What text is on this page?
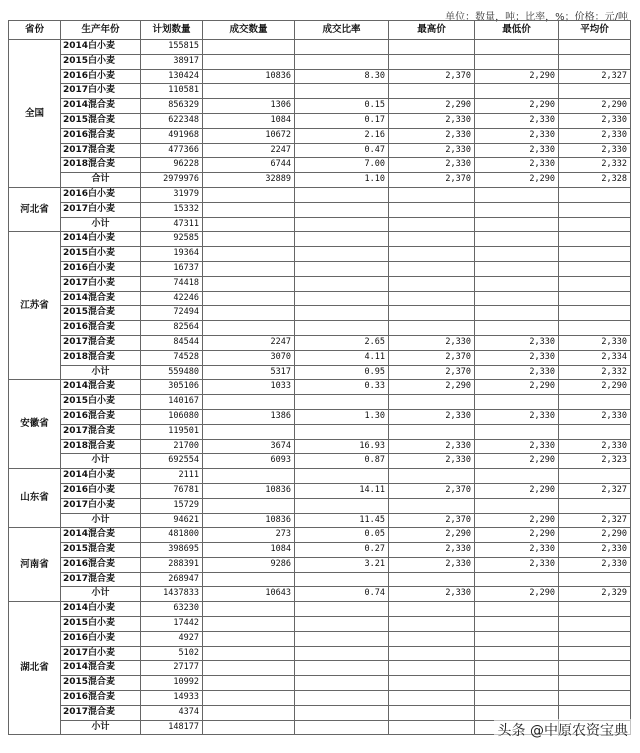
单位：数量，吨；比率，%；价格：元/吨
省份	生产年份	计划数量	成交数量	成交比率	最高价	最低价	平均价
全国	2014白小麦	155815					
	2015白小麦	38917					
	2016白小麦	130424	10836	8.30	2,370	2,290	2,327
	2017白小麦	110581					
	2014混合麦	856329	1306	0.15	2,290	2,290	2,290
	2015混合麦	622348	1084	0.17	2,330	2,330	2,330
	2016混合麦	491968	10672	2.16	2,330	2,330	2,330
	2017混合麦	477366	2247	0.47	2,330	2,330	2,330
	2018混合麦	96228	6744	7.00	2,330	2,330	2,332
	合计	2979976	32889	1.10	2,370	2,290	2,328
河北省	2016白小麦	31979					
	2017白小麦	15332					
	小计	47311					
江苏省	2014白小麦	92585					
	2015白小麦	19364					
	2016白小麦	16737					
	2017白小麦	74418					
	2014混合麦	42246					
	2015混合麦	72494					
	2016混合麦	82564					
	2017混合麦	84544	2247	2.65	2,330	2,330	2,330
	2018混合麦	74528	3070	4.11	2,370	2,330	2,334
	小计	559480	5317	0.95	2,370	2,330	2,332
安徽省	2014混合麦	305106	1033	0.33	2,290	2,290	2,290
	2015白小麦	140167					
	2016混合麦	106080	1386	1.30	2,330	2,330	2,330
	2017混合麦	119501					
	2018混合麦	21700	3674	16.93	2,330	2,330	2,330
	小计	692554	6093	0.87	2,330	2,290	2,323
山东省	2014白小麦	2111					
	2016白小麦	76781	10836	14.11	2,370	2,290	2,327
	2017白小麦	15729					
	小计	94621	10836	11.45	2,370	2,290	2,327
河南省	2014混合麦	481800	273	0.05	2,290	2,290	2,290
	2015混合麦	398695	1084	0.27	2,330	2,330	2,330
	2016混合麦	288391	9286	3.21	2,330	2,330	2,330
	2017混合麦	268947					
	小计	1437833	10643	0.74	2,330	2,290	2,329
湖北省	2014白小麦	63230					
	2015白小麦	17442					
	2016白小麦	4927					
	2017白小麦	5102					
	2014混合麦	27177					
	2015混合麦	10992					
	2016混合麦	14933					
	2017混合麦	4374					
	小计	148177						头条 @中原农资宝典
